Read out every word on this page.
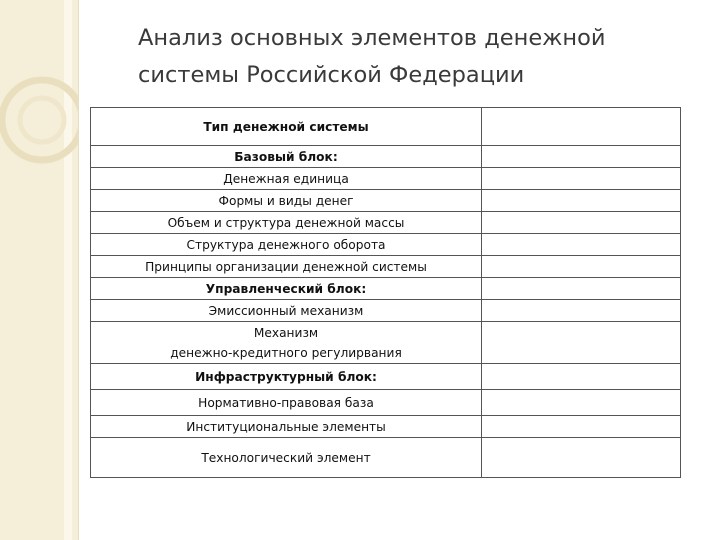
Анализ основных элементов денежной
системы Российской Федерации
Тип денежной системы	
Базовый блок:	
Денежная единица	
Формы и виды денег	
Объем и структура денежной массы	
Структура денежного оборота	
Принципы организации денежной системы	
Управленческий блок:	
Эмиссионный механизм	

Механизм
денежно-кредитного регулирвания	

Инфраструктурный блок:	
Нормативно-правовая база	
Институциональные элементы	
Технологический элемент	
